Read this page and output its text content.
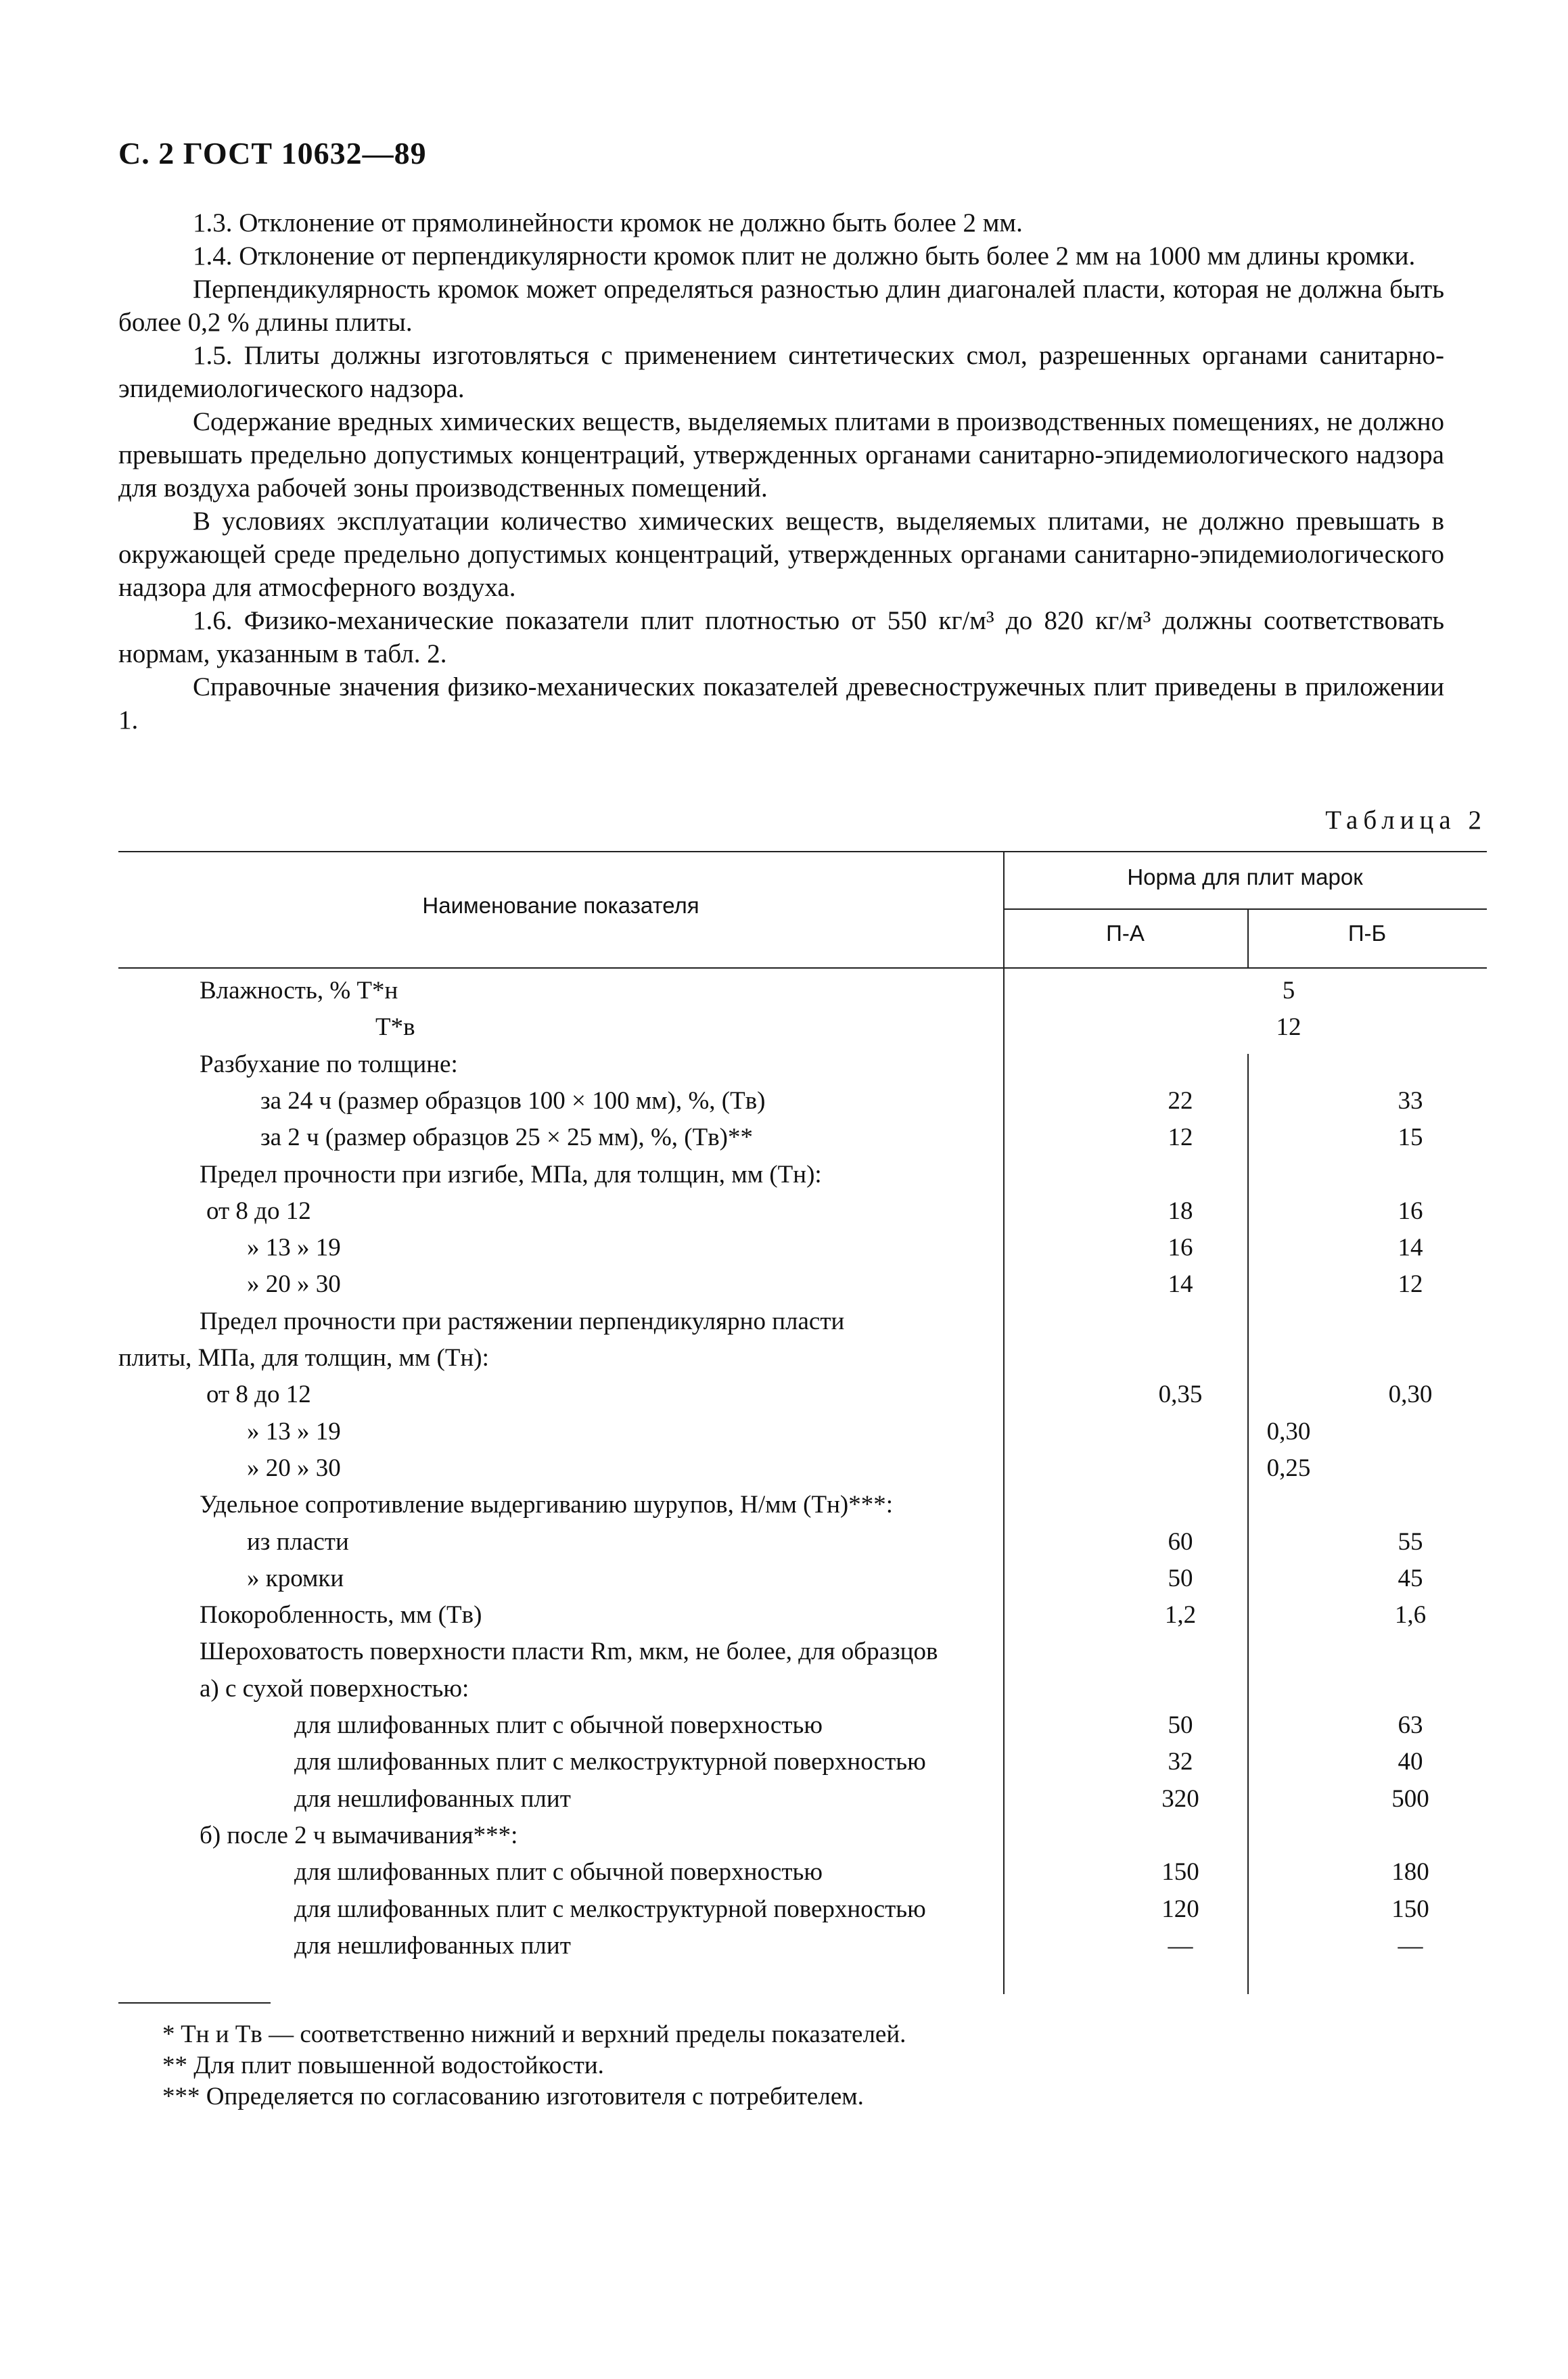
С. 2 ГОСТ 10632—89

1.3. Отклонение от прямолинейности кромок не должно быть более 2 мм.

1.4. Отклонение от перпендикулярности кромок плит не должно быть более 2 мм на 1000 мм длины кромки.

Перпендикулярность кромок может определяться разностью длин диагоналей пласти, которая не должна быть более 0,2 % длины плиты.

1.5. Плиты должны изготовляться с применением синтетических смол, разрешенных органами санитарно-эпидемиологического надзора.

Содержание вредных химических веществ, выделяемых плитами в производственных помещениях, не должно превышать предельно допустимых концентраций, утвержденных органами санитарно-эпидемиологического надзора для воздуха рабочей зоны производственных помещений.

В условиях эксплуатации количество химических веществ, выделяемых плитами, не должно превышать в окружающей среде предельно допустимых концентраций, утвержденных органами санитарно-эпидемиологического надзора для атмосферного воздуха.

1.6. Физико-механические показатели плит плотностью от 550 кг/м³ до 820 кг/м³ должны соответствовать нормам, указанным в табл. 2.

Справочные значения физико-механических показателей древесностружечных плит приведены в приложении 1.

Таблица 2
Наименование показателя
Норма для плит марок
П-А	П-Б
Влажность, % T*н	5
T*в	12
Разбухание по толщине:
за 24 ч (размер образцов 100 × 100 мм), %, (Tв)	22	33
за 2 ч (размер образцов 25 × 25 мм), %, (Tв)**	12	15
Предел прочности при изгибе, МПа, для толщин, мм (Tн):
от 8 до 12	18	16
» 13 » 19	16	14
» 20 » 30	14	12
Предел прочности при растяжении перпендикулярно пласти
плиты, МПа, для толщин, мм (Tн):
от 8 до 12	0,35	0,30
» 13 » 19	0,30
» 20 » 30	0,25
Удельное сопротивление выдергиванию шурупов, Н/мм (Tн)***:
из пласти	60	55
» кромки	50	45
Покоробленность, мм (Tв)	1,2	1,6
Шероховатость поверхности пласти Rm, мкм, не более, для образцов
а) с сухой поверхностью:
для шлифованных плит с обычной поверхностью	50	63
для шлифованных плит с мелкоструктурной поверхностью	32	40
для нешлифованных плит	320	500
б) после 2 ч вымачивания***:
для шлифованных плит с обычной поверхностью	150	180
для шлифованных плит с мелкоструктурной поверхностью	120	150
для нешлифованных плит	—	—
* Tн и Tв — соответственно нижний и верхний пределы показателей.
** Для плит повышенной водостойкости.
*** Определяется по согласованию изготовителя с потребителем.
